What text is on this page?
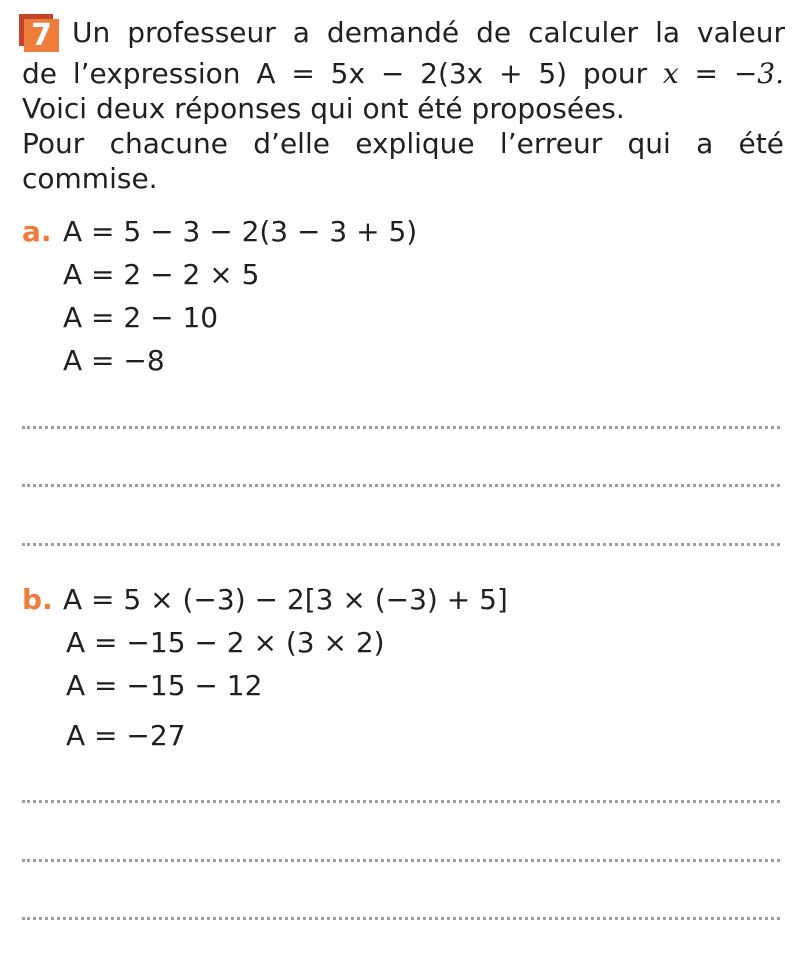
7 Un professeur a demandé de calculer la valeur
de l’expression A = 5x − 2(3x + 5) pour x = −3.
Voici deux réponses qui ont été proposées.
Pour chacune d’elle explique l’erreur qui a été
commise.
a. A = 5 − 3 − 2(3 − 3 + 5)
A = 2 − 2 × 5
A = 2 − 10
A = −8
b. A = 5 × (−3) − 2[3 × (−3) + 5]
A = −15 − 2 × (3 × 2)
A = −15 − 12
A = −27
